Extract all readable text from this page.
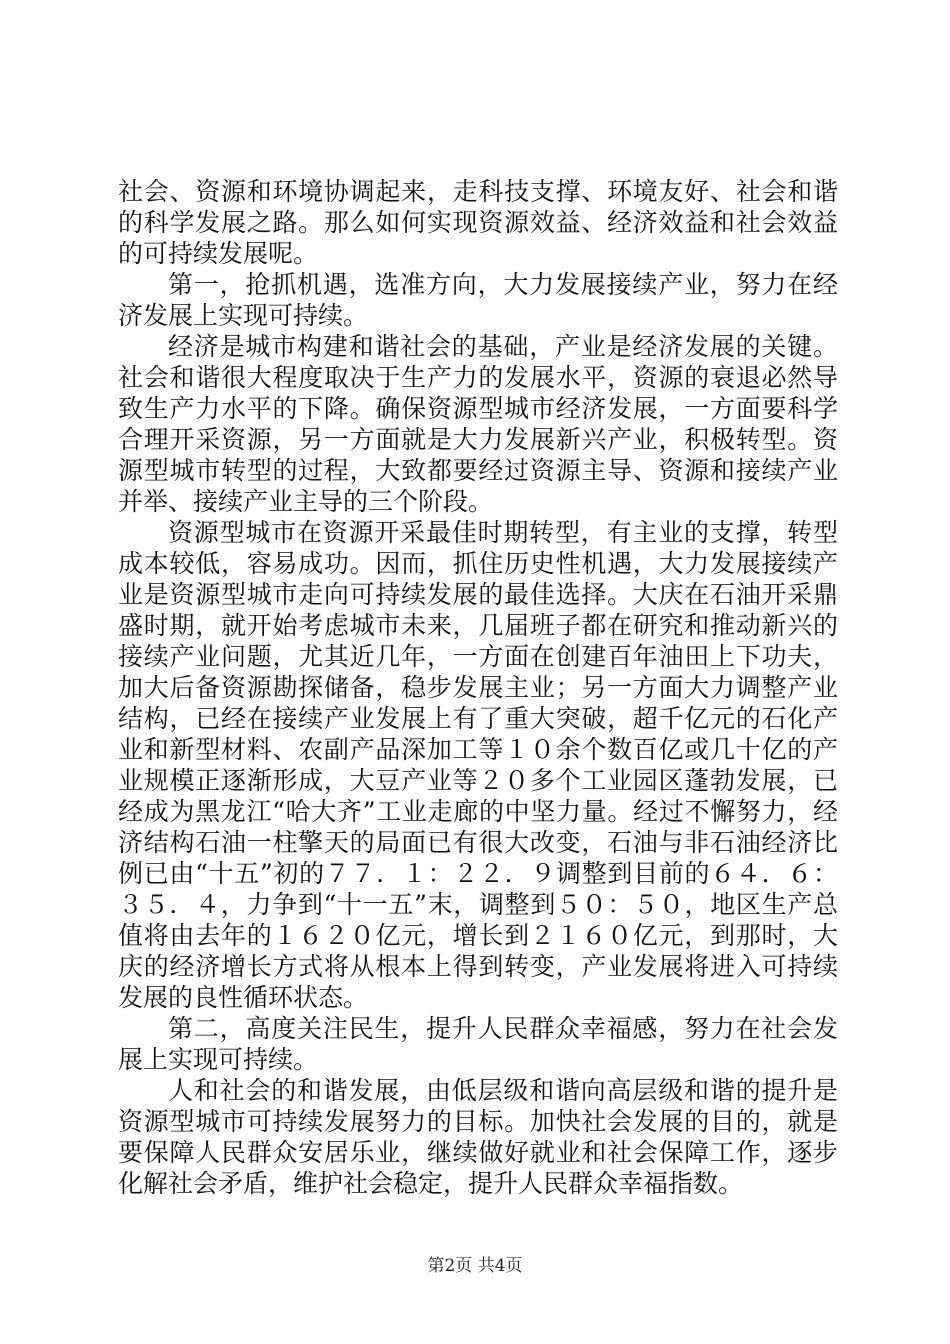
社会、资源和环境协调起来，走科技支撑、环境友好、社会和谐的科学发展之路。那么如何实现资源效益、经济效益和社会效益的可持续发展呢。

第一，抢抓机遇，选准方向，大力发展接续产业，努力在经济发展上实现可持续。

经济是城市构建和谐社会的基础，产业是经济发展的关键。社会和谐很大程度取决于生产力的发展水平，资源的衰退必然导致生产力水平的下降。确保资源型城市经济发展，一方面要科学合理开采资源，另一方面就是大力发展新兴产业，积极转型。资源型城市转型的过程，大致都要经过资源主导、资源和接续产业并举、接续产业主导的三个阶段。

资源型城市在资源开采最佳时期转型，有主业的支撑，转型成本较低，容易成功。因而，抓住历史性机遇，大力发展接续产业是资源型城市走向可持续发展的最佳选择。大庆在石油开采鼎盛时期，就开始考虑城市未来，几届班子都在研究和推动新兴的接续产业问题，尤其近几年，一方面在创建百年油田上下功夫，加大后备资源勘探储备，稳步发展主业；另一方面大力调整产业结构，已经在接续产业发展上有了重大突破，超千亿元的石化产业和新型材料、农副产品深加工等１０余个数百亿或几十亿的产业规模正逐渐形成，大豆产业等２０多个工业园区蓬勃发展，已经成为黑龙江“哈大齐”工业走廊的中坚力量。经过不懈努力，经济结构石油一柱擎天的局面已有很大改变，石油与非石油经济比例已由“十五”初的７７．１：２２．９调整到目前的６４．６：３５．４，力争到“十一五”末，调整到５０：５０，地区生产总值将由去年的１６２０亿元，增长到２１６０亿元，到那时，大庆的经济增长方式将从根本上得到转变，产业发展将进入可持续发展的良性循环状态。

第二，高度关注民生，提升人民群众幸福感，努力在社会发展上实现可持续。

人和社会的和谐发展，由低层级和谐向高层级和谐的提升是资源型城市可持续发展努力的目标。加快社会发展的目的，就是要保障人民群众安居乐业，继续做好就业和社会保障工作，逐步化解社会矛盾，维护社会稳定，提升人民群众幸福指数。

第2页 共4页
